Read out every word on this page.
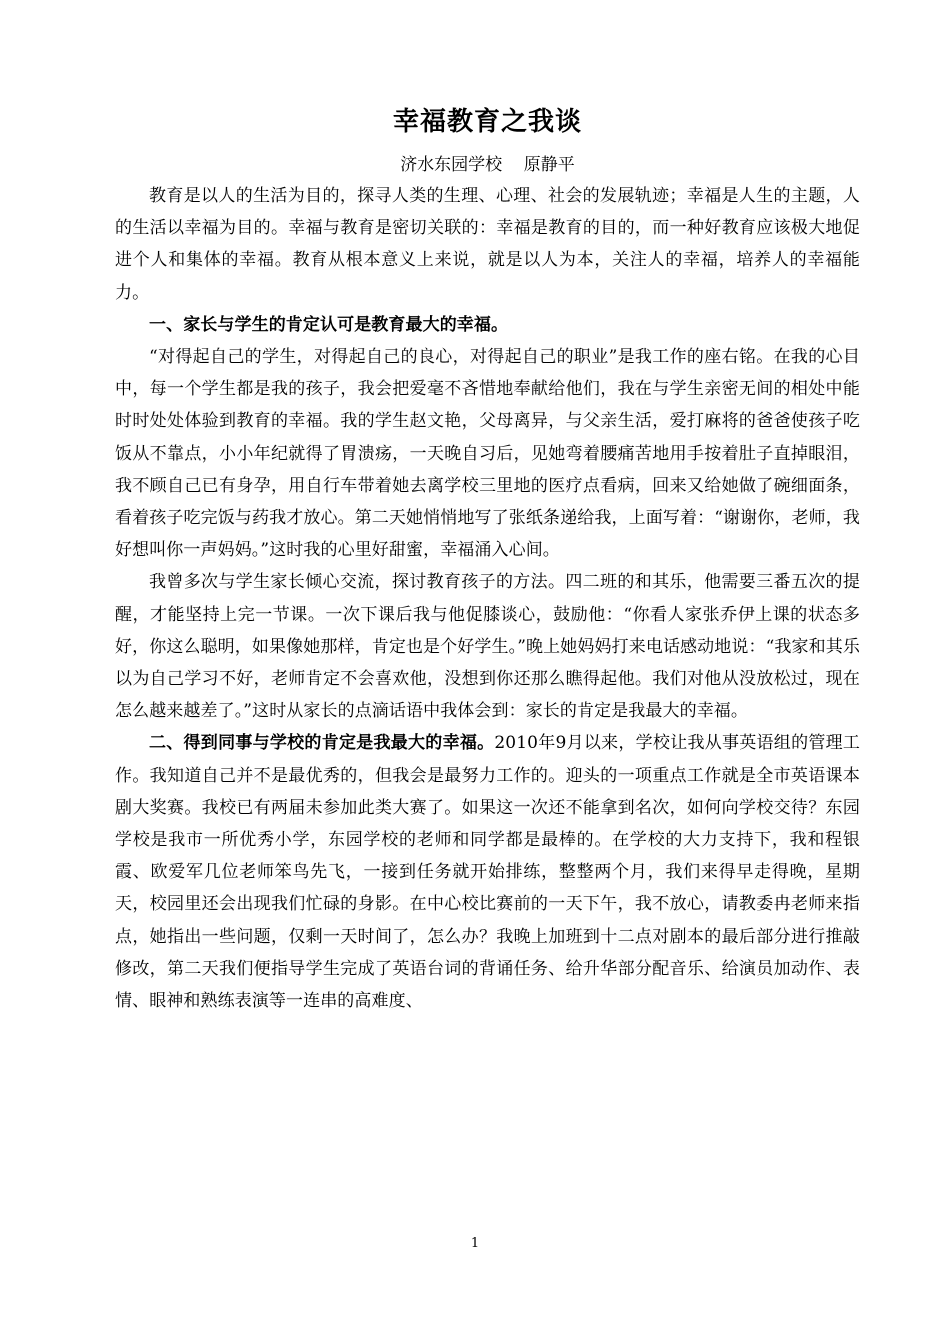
幸福教育之我谈

济水东园学校    原静平

教育是以人的生活为目的，探寻人类的生理、心理、社会的发展轨迹；幸福是人生的主题，人的生活以幸福为目的。幸福与教育是密切关联的：幸福是教育的目的，而一种好教育应该极大地促进个人和集体的幸福。教育从根本意义上来说，就是以人为本，关注人的幸福，培养人的幸福能力。

一、家长与学生的肯定认可是教育最大的幸福。

“对得起自己的学生，对得起自己的良心，对得起自己的职业”是我工作的座右铭。在我的心目中，每一个学生都是我的孩子，我会把爱毫不吝惜地奉献给他们，我在与学生亲密无间的相处中能时时处处体验到教育的幸福。我的学生赵文艳，父母离异，与父亲生活，爱打麻将的爸爸使孩子吃饭从不靠点，小小年纪就得了胃溃疡，一天晚自习后，见她弯着腰痛苦地用手按着肚子直掉眼泪，我不顾自己已有身孕，用自行车带着她去离学校三里地的医疗点看病，回来又给她做了碗细面条，看着孩子吃完饭与药我才放心。第二天她悄悄地写了张纸条递给我，上面写着：“谢谢你，老师，我好想叫你一声妈妈。”这时我的心里好甜蜜，幸福涌入心间。

我曾多次与学生家长倾心交流，探讨教育孩子的方法。四二班的和其乐，他需要三番五次的提醒，才能坚持上完一节课。一次下课后我与他促膝谈心，鼓励他：“你看人家张乔伊上课的状态多好，你这么聪明，如果像她那样，肯定也是个好学生。”晚上她妈妈打来电话感动地说：“我家和其乐以为自己学习不好，老师肯定不会喜欢他，没想到你还那么瞧得起他。我们对他从没放松过，现在怎么越来越差了。”这时从家长的点滴话语中我体会到：家长的肯定是我最大的幸福。

二、得到同事与学校的肯定是我最大的幸福。2010年9月以来，学校让我从事英语组的管理工作。我知道自己并不是最优秀的，但我会是最努力工作的。迎头的一项重点工作就是全市英语课本剧大奖赛。我校已有两届未参加此类大赛了。如果这一次还不能拿到名次，如何向学校交待？东园学校是我市一所优秀小学，东园学校的老师和同学都是最棒的。在学校的大力支持下，我和程银霞、欧爱军几位老师笨鸟先飞，一接到任务就开始排练，整整两个月，我们来得早走得晚，星期天，校园里还会出现我们忙碌的身影。在中心校比赛前的一天下午，我不放心，请教委冉老师来指点，她指出一些问题，仅剩一天时间了，怎么办？我晚上加班到十二点对剧本的最后部分进行推敲修改，第二天我们便指导学生完成了英语台词的背诵任务、给升华部分配音乐、给演员加动作、表情、眼神和熟练表演等一连串的高难度、

1
